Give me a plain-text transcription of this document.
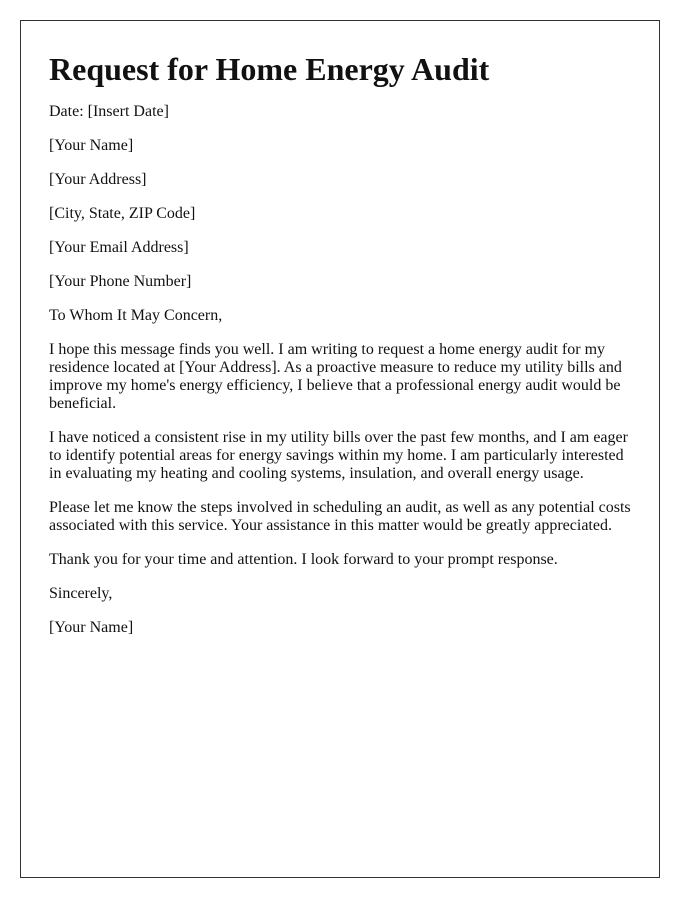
Request for Home Energy Audit

Date: [Insert Date]

[Your Name]

[Your Address]

[City, State, ZIP Code]

[Your Email Address]

[Your Phone Number]

To Whom It May Concern,

I hope this message finds you well. I am writing to request a home energy audit for my residence located at [Your Address]. As a proactive measure to reduce my utility bills and improve my home's energy efficiency, I believe that a professional energy audit would be beneficial.

I have noticed a consistent rise in my utility bills over the past few months, and I am eager to identify potential areas for energy savings within my home. I am particularly interested in evaluating my heating and cooling systems, insulation, and overall energy usage.

Please let me know the steps involved in scheduling an audit, as well as any potential costs associated with this service. Your assistance in this matter would be greatly appreciated.

Thank you for your time and attention. I look forward to your prompt response.

Sincerely,

[Your Name]
